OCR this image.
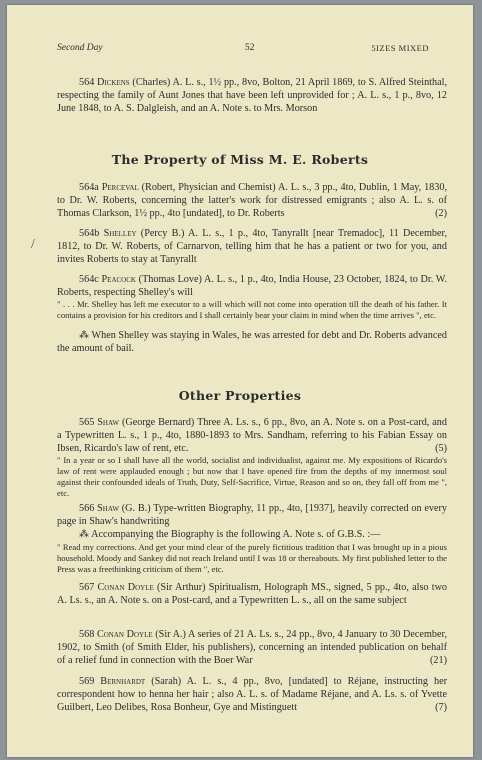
Second Day	52	5IZES MIXED
564 Dickens (Charles) A. L. s., 1½ pp., 8vo, Bolton, 21 April 1869, to S. Alfred Steinthal, respecting the family of Aunt Jones that have been left unprovided for ; A. L. s., 1 p., 8vo, 12 June 1848, to A. S. Dalgleish, and an A. Note s. to Mrs. Morson
The Property of Miss M. E. Roberts
564a Perceval (Robert, Physician and Chemist) A. L. s., 3 pp., 4to, Dublin, 1 May, 1830, to Dr. W. Roberts, concerning the latter's work for distressed emigrants ; also A. L. s. of Thomas Clarkson, 1½ pp., 4to [undated], to Dr. Roberts	(2)
564b Shelley (Percy B.) A. L. s., 1 p., 4to, Tanyrallt [near Tremadoc], 11 December, 1812, to Dr. W. Roberts, of Carnarvon, telling him that he has a patient or two for you, and invites Roberts to stay at Tanyrallt
/
564c Peacock (Thomas Love) A. L. s., 1 p., 4to, India House, 23 October, 1824, to Dr. W. Roberts, respecting Shelley's will
" . . . Mr. Shelley has left me executor to a will which will not come into operation till the death of his father. It contains a provision for his creditors and I shall certainly bear your claim in mind when the time arrives ", etc.
⁂ When Shelley was staying in Wales, he was arrested for debt and Dr. Roberts advanced the amount of bail.
Other Properties
565 Shaw (George Bernard) Three A. Ls. s., 6 pp., 8vo, an A. Note s. on a Post-card, and a Typewritten L. s., 1 p., 4to, 1880-1893 to Mrs. Sandham, referring to his Fabian Essay on Ibsen, Ricardo's law of rent, etc.	(5)
" In a year or so I shall have all the world, socialist and individualist, against me. My expositions of Ricardo's law of rent were applauded enough ; but now that I have opened fire from the depths of my innermost soul against their confounded ideals of Truth, Duty, Self-Sacrifice, Virtue, Reason and so on, they fall off from me ", etc.
566 Shaw (G. B.) Type-written Biography, 11 pp., 4to, [1937], heavily corrected on every page in Shaw's handwriting
⁂ Accompanying the Biography is the following A. Note s. of G.B.S. :—
" Read my corrections. And get your mind clear of the purely fictitious tradition that I was brought up in a pious household. Moody and Sankey did not reach Ireland until I was 18 or thereabouts. My first published letter to the Press was a freethinking criticism of them ", etc.
567 Conan Doyle (Sir Arthur) Spiritualism, Holograph MS., signed, 5 pp., 4to, also two A. Ls. s., an A. Note s. on a Post-card, and a Typewritten L. s., all on the same subject
568 Conan Doyle (Sir A.) A series of 21 A. Ls. s., 24 pp., 8vo, 4 January to 30 December, 1902, to Smith (of Smith Elder, his publishers), concerning an intended publication on behalf of a relief fund in connection with the Boer War	(21)
569 Bernhardt (Sarah) A. L. s., 4 pp., 8vo, [undated] to Réjane, instructing her correspondent how to henna her hair ; also A. L. s. of Madame Réjane, and A. Ls. s. of Yvette Guilbert, Leo Delibes, Rosa Bonheur, Gye and Mistinguett	(7)
